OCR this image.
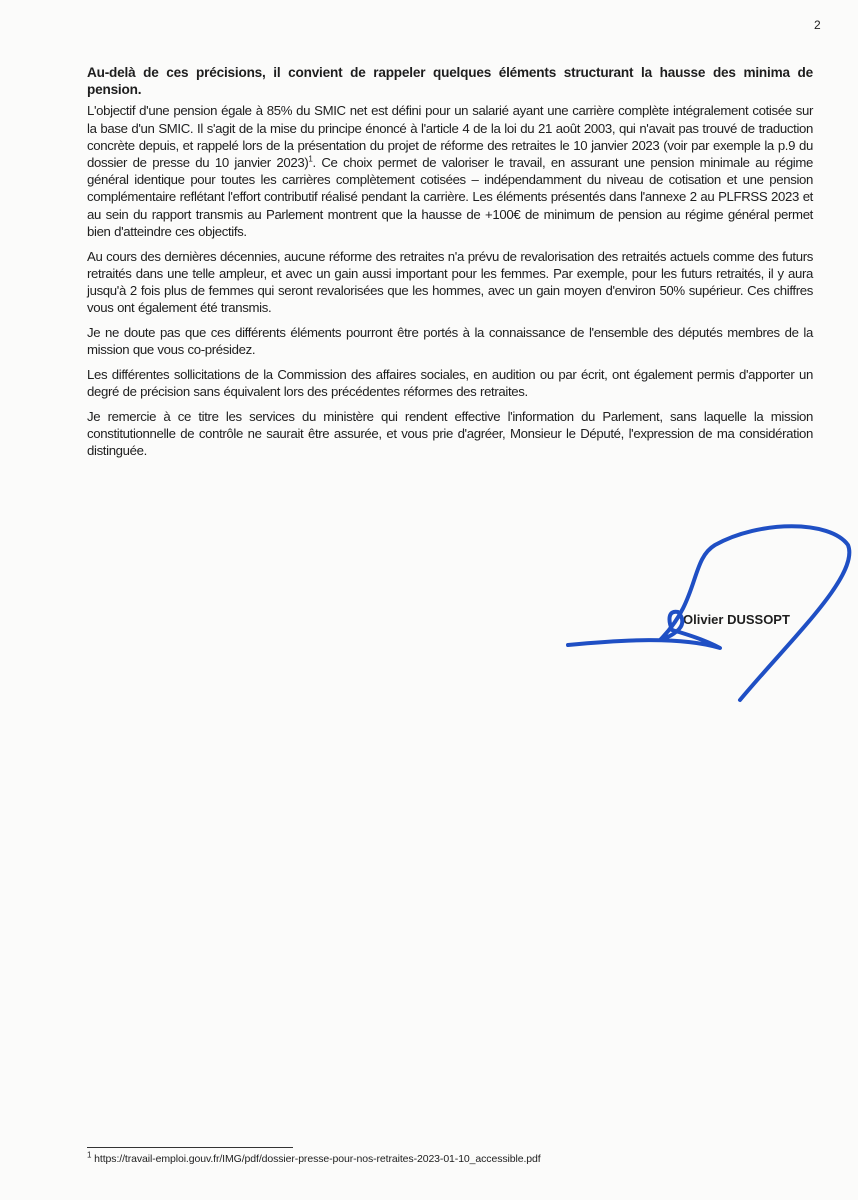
2

Au-delà de ces précisions, il convient de rappeler quelques éléments structurant la hausse des minima de pension.

L'objectif d'une pension égale à 85% du SMIC net est défini pour un salarié ayant une carrière complète intégralement cotisée sur la base d'un SMIC. Il s'agit de la mise du principe énoncé à l'article 4 de la loi du 21 août 2003, qui n'avait pas trouvé de traduction concrète depuis, et rappelé lors de la présentation du projet de réforme des retraites le 10 janvier 2023 (voir par exemple la p.9 du dossier de presse du 10 janvier 2023)$^1$. Ce choix permet de valoriser le travail, en assurant une pension minimale au régime général identique pour toutes les carrières complètement cotisées – indépendamment du niveau de cotisation et une pension complémentaire reflétant l'effort contributif réalisé pendant la carrière. Les éléments présentés dans l'annexe 2 au PLFRSS 2023 et au sein du rapport transmis au Parlement montrent que la hausse de +100€ de minimum de pension au régime général permet bien d'atteindre ces objectifs.

Au cours des dernières décennies, aucune réforme des retraites n'a prévu de revalorisation des retraités actuels comme des futurs retraités dans une telle ampleur, et avec un gain aussi important pour les femmes. Par exemple, pour les futurs retraités, il y aura jusqu'à 2 fois plus de femmes qui seront revalorisées que les hommes, avec un gain moyen d'environ 50% supérieur. Ces chiffres vous ont également été transmis.

Je ne doute pas que ces différents éléments pourront être portés à la connaissance de l'ensemble des députés membres de la mission que vous co-présidez.

Les différentes sollicitations de la Commission des affaires sociales, en audition ou par écrit, ont également permis d'apporter un degré de précision sans équivalent lors des précédentes réformes des retraites.

Je remercie à ce titre les services du ministère qui rendent effective l'information du Parlement, sans laquelle la mission constitutionnelle de contrôle ne saurait être assurée, et vous prie d'agréer, Monsieur le Député, l'expression de ma considération distinguée.

Olivier DUSSOPT
$^1$ https://travail-emploi.gouv.fr/IMG/pdf/dossier-presse-pour-nos-retraites-2023-01-10_accessible.pdf
